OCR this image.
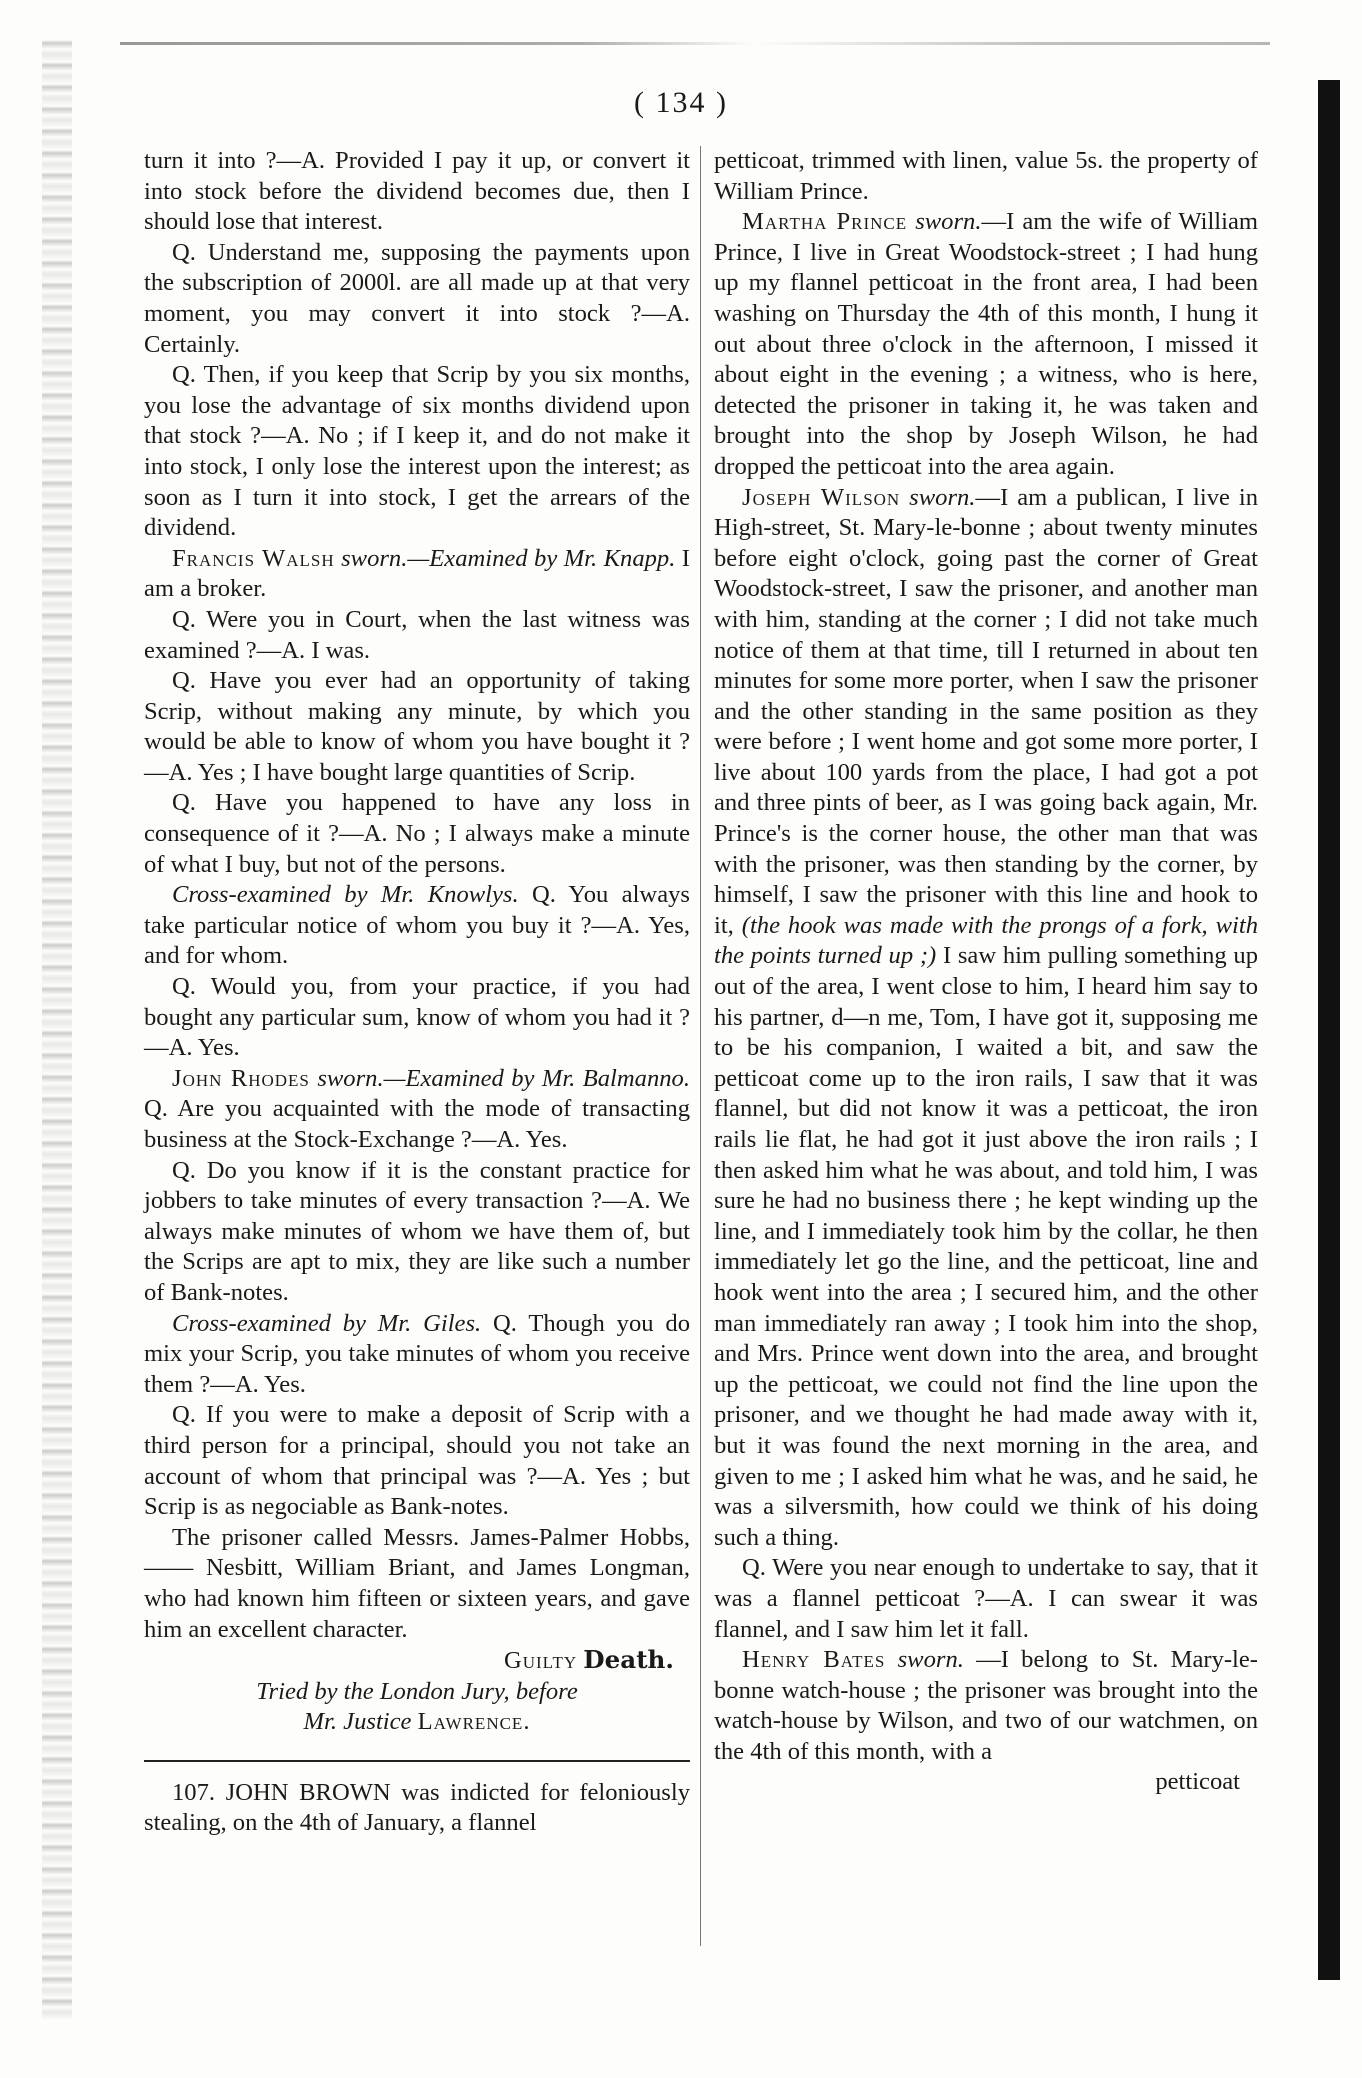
( 134 )

turn it into ?—A. Provided I pay it up, or convert it into stock before the dividend becomes due, then I should lose that interest.

Q. Understand me, supposing the payments upon the subscription of 2000l. are all made up at that very moment, you may convert it into stock ?—A. Certainly.

Q. Then, if you keep that Scrip by you six months, you lose the advantage of six months dividend upon that stock ?—A. No ; if I keep it, and do not make it into stock, I only lose the interest upon the interest; as soon as I turn it into stock, I get the arrears of the dividend.

Francis Walsh sworn.—Examined by Mr. Knapp. I am a broker.

Q. Were you in Court, when the last witness was examined ?—A. I was.

Q. Have you ever had an opportunity of taking Scrip, without making any minute, by which you would be able to know of whom you have bought it ?—A. Yes ; I have bought large quantities of Scrip.

Q. Have you happened to have any loss in consequence of it ?—A. No ; I always make a minute of what I buy, but not of the persons.

Cross-examined by Mr. Knowlys. Q. You always take particular notice of whom you buy it ?—A. Yes, and for whom.

Q. Would you, from your practice, if you had bought any particular sum, know of whom you had it ?—A. Yes.

John Rhodes sworn.—Examined by Mr. Balmanno. Q. Are you acquainted with the mode of transacting business at the Stock-Exchange ?—A. Yes.

Q. Do you know if it is the constant practice for jobbers to take minutes of every transaction ?—A. We always make minutes of whom we have them of, but the Scrips are apt to mix, they are like such a number of Bank-notes.

Cross-examined by Mr. Giles. Q. Though you do mix your Scrip, you take minutes of whom you receive them ?—A. Yes.

Q. If you were to make a deposit of Scrip with a third person for a principal, should you not take an account of whom that principal was ?—A. Yes ; but Scrip is as negociable as Bank-notes.

The prisoner called Messrs. James-Palmer Hobbs, —— Nesbitt, William Briant, and James Longman, who had known him fifteen or sixteen years, and gave him an excellent character.

Guilty Death.

Tried by the London Jury, before

Mr. Justice Lawrence.

107. JOHN BROWN was indicted for feloniously stealing, on the 4th of January, a flannel

petticoat, trimmed with linen, value 5s. the property of William Prince.

Martha Prince sworn.—I am the wife of William Prince, I live in Great Woodstock-street ; I had hung up my flannel petticoat in the front area, I had been washing on Thursday the 4th of this month, I hung it out about three o'clock in the afternoon, I missed it about eight in the evening ; a witness, who is here, detected the prisoner in taking it, he was taken and brought into the shop by Joseph Wilson, he had dropped the petticoat into the area again.

Joseph Wilson sworn.—I am a publican, I live in High-street, St. Mary-le-bonne ; about twenty minutes before eight o'clock, going past the corner of Great Woodstock-street, I saw the prisoner, and another man with him, standing at the corner ; I did not take much notice of them at that time, till I returned in about ten minutes for some more porter, when I saw the prisoner and the other standing in the same position as they were before ; I went home and got some more porter, I live about 100 yards from the place, I had got a pot and three pints of beer, as I was going back again, Mr. Prince's is the corner house, the other man that was with the prisoner, was then standing by the corner, by himself, I saw the prisoner with this line and hook to it, (the hook was made with the prongs of a fork, with the points turned up ;) I saw him pulling something up out of the area, I went close to him, I heard him say to his partner, d—n me, Tom, I have got it, supposing me to be his companion, I waited a bit, and saw the petticoat come up to the iron rails, I saw that it was flannel, but did not know it was a petticoat, the iron rails lie flat, he had got it just above the iron rails ; I then asked him what he was about, and told him, I was sure he had no business there ; he kept winding up the line, and I immediately took him by the collar, he then immediately let go the line, and the petticoat, line and hook went into the area ; I secured him, and the other man immediately ran away ; I took him into the shop, and Mrs. Prince went down into the area, and brought up the petticoat, we could not find the line upon the prisoner, and we thought he had made away with it, but it was found the next morning in the area, and given to me ; I asked him what he was, and he said, he was a silversmith, how could we think of his doing such a thing.

Q. Were you near enough to undertake to say, that it was a flannel petticoat ?—A. I can swear it was flannel, and I saw him let it fall.

Henry Bates sworn. —I belong to St. Mary-le-bonne watch-house ; the prisoner was brought into the watch-house by Wilson, and two of our watchmen, on the 4th of this month, with a

petticoat
